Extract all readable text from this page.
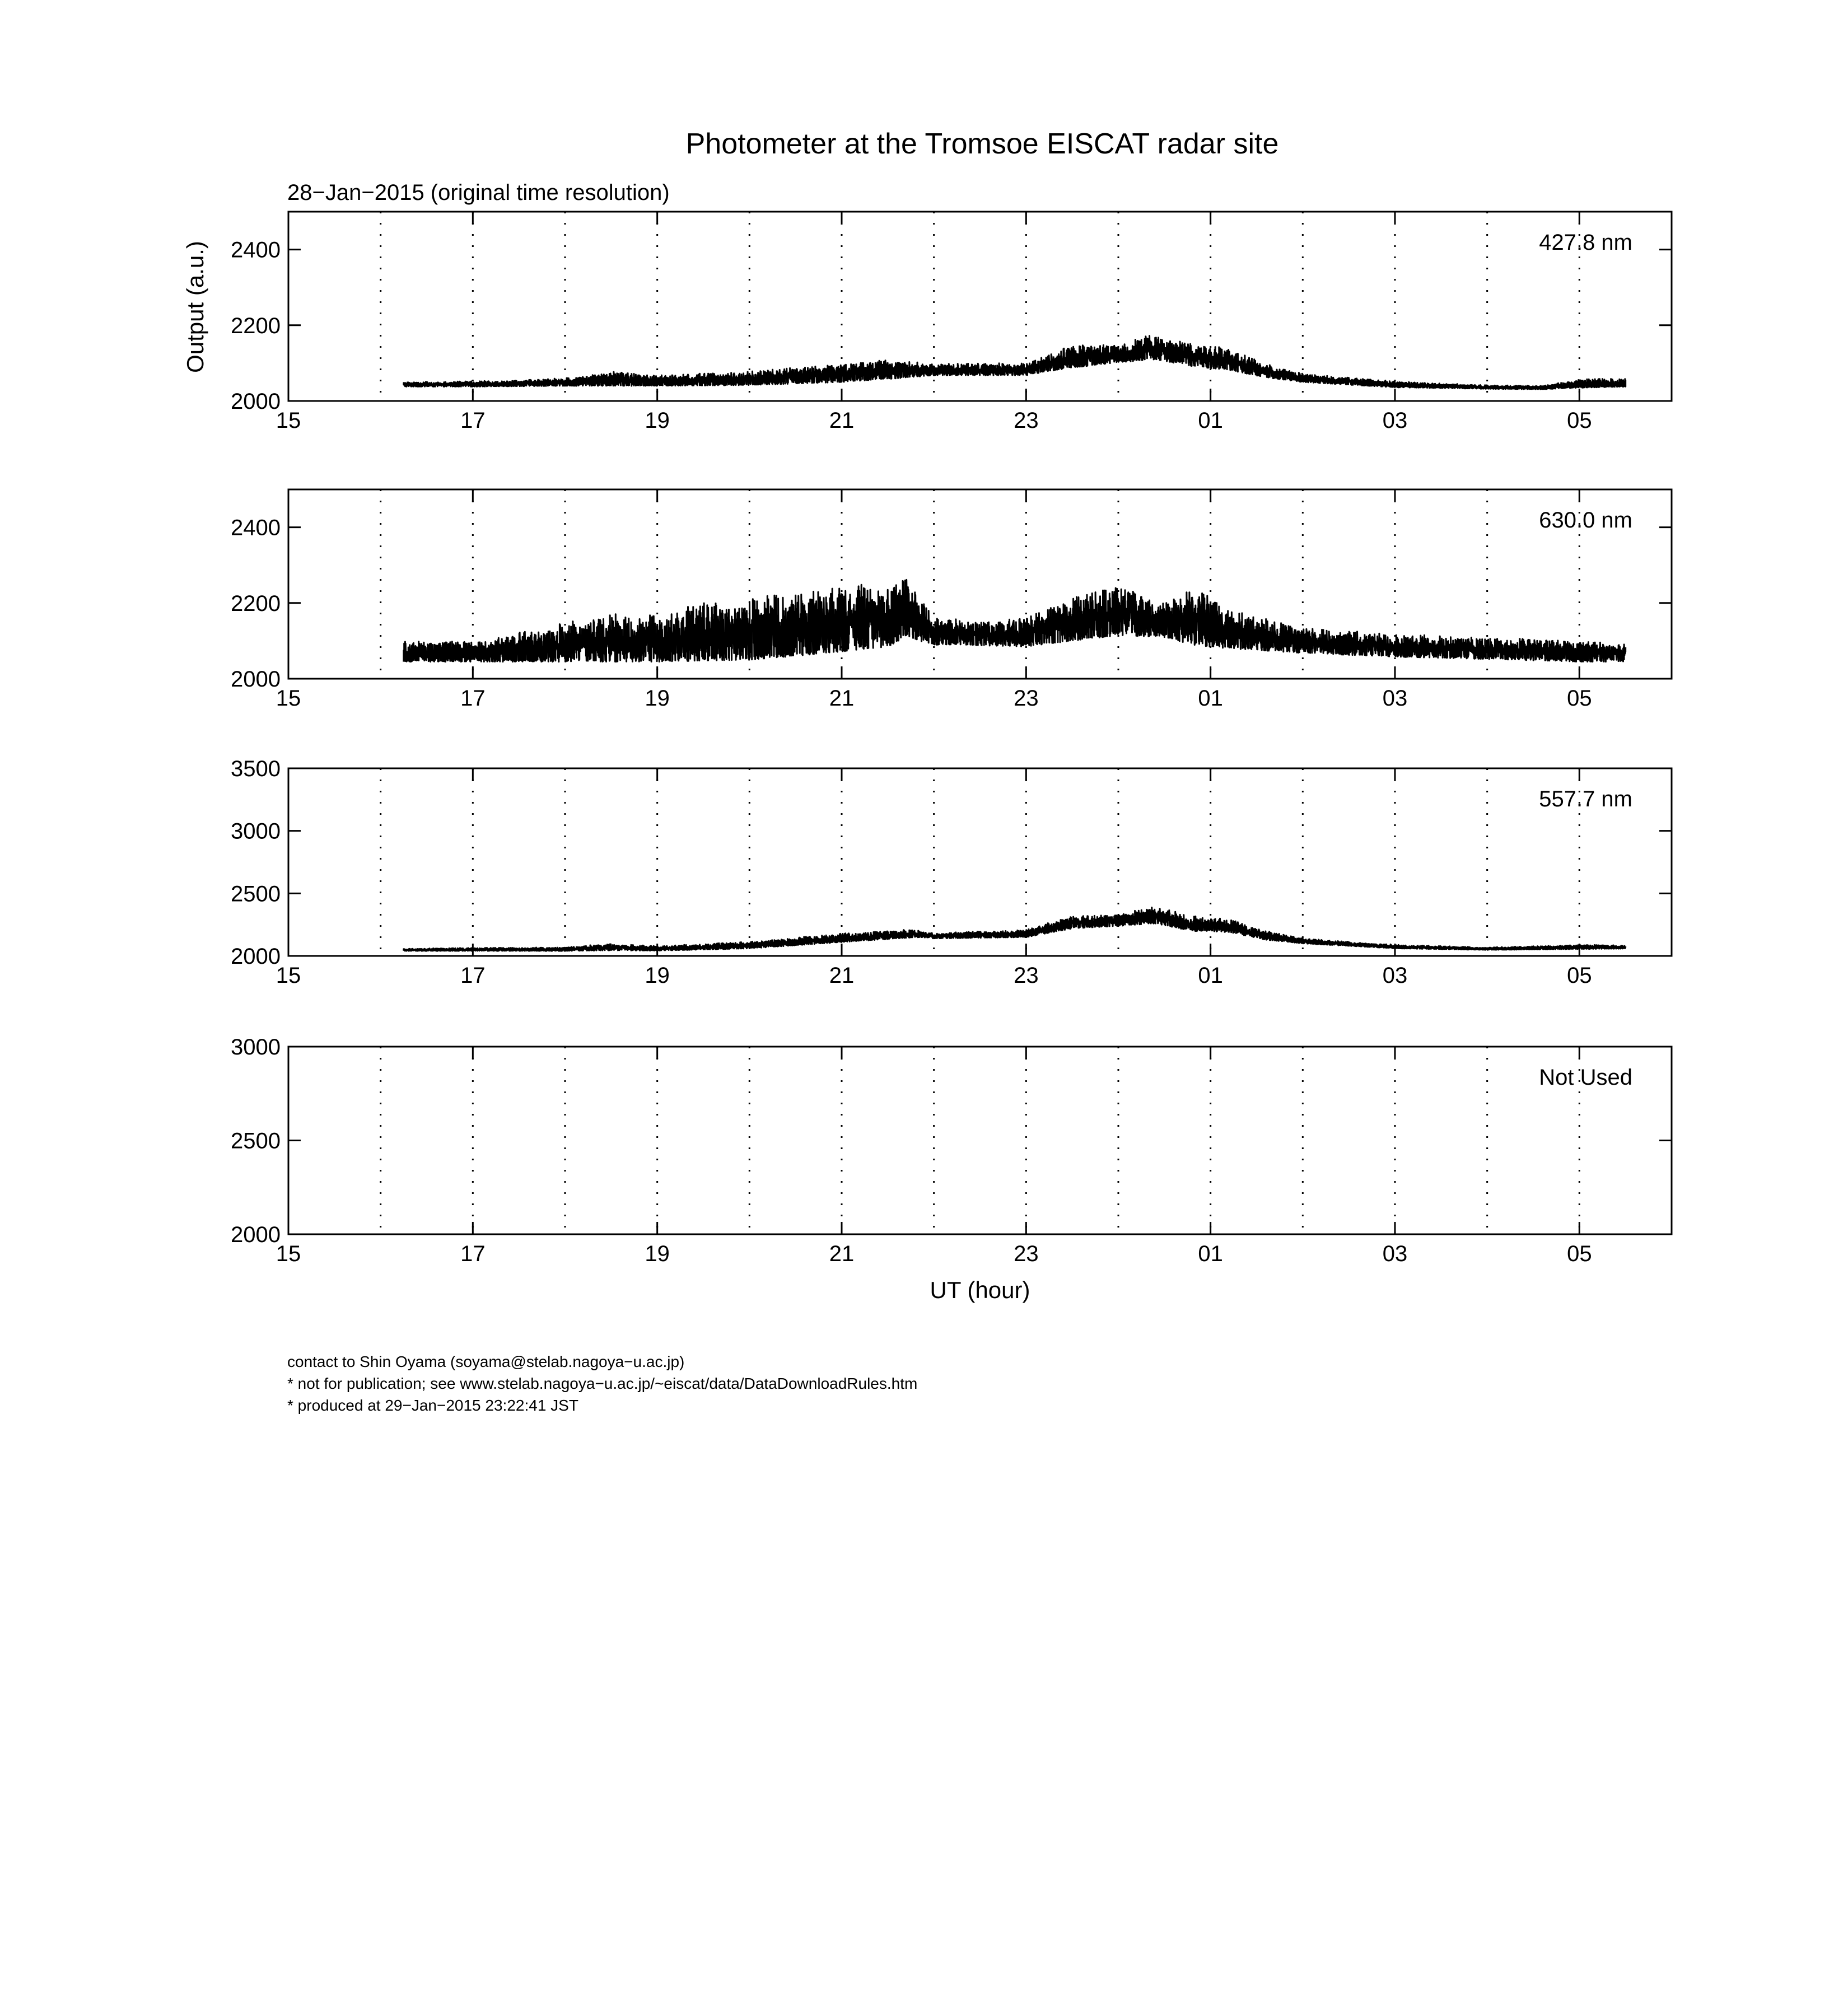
Photometer at the Tromsoe EISCAT radar site
28−Jan−2015 (original time resolution)
Output (a.u.)
UT (hour)
15	17	19	21	23	01	03	05
2000
2200
2400	427.8 nm
15	17	19	21	23	01	03	05
2000
2200
2400	630.0 nm
15	17	19	21	23	01	03	05
2000
2500
3000
3500
557.7 nm
15	17	19	21	23	01	03	05
2000
2500
3000
Not Used
contact to Shin Oyama (soyama@stelab.nagoya−u.ac.jp)
* not for publication; see www.stelab.nagoya−u.ac.jp/~eiscat/data/DataDownloadRules.htm
* produced at 29−Jan−2015 23:22:41 JST
